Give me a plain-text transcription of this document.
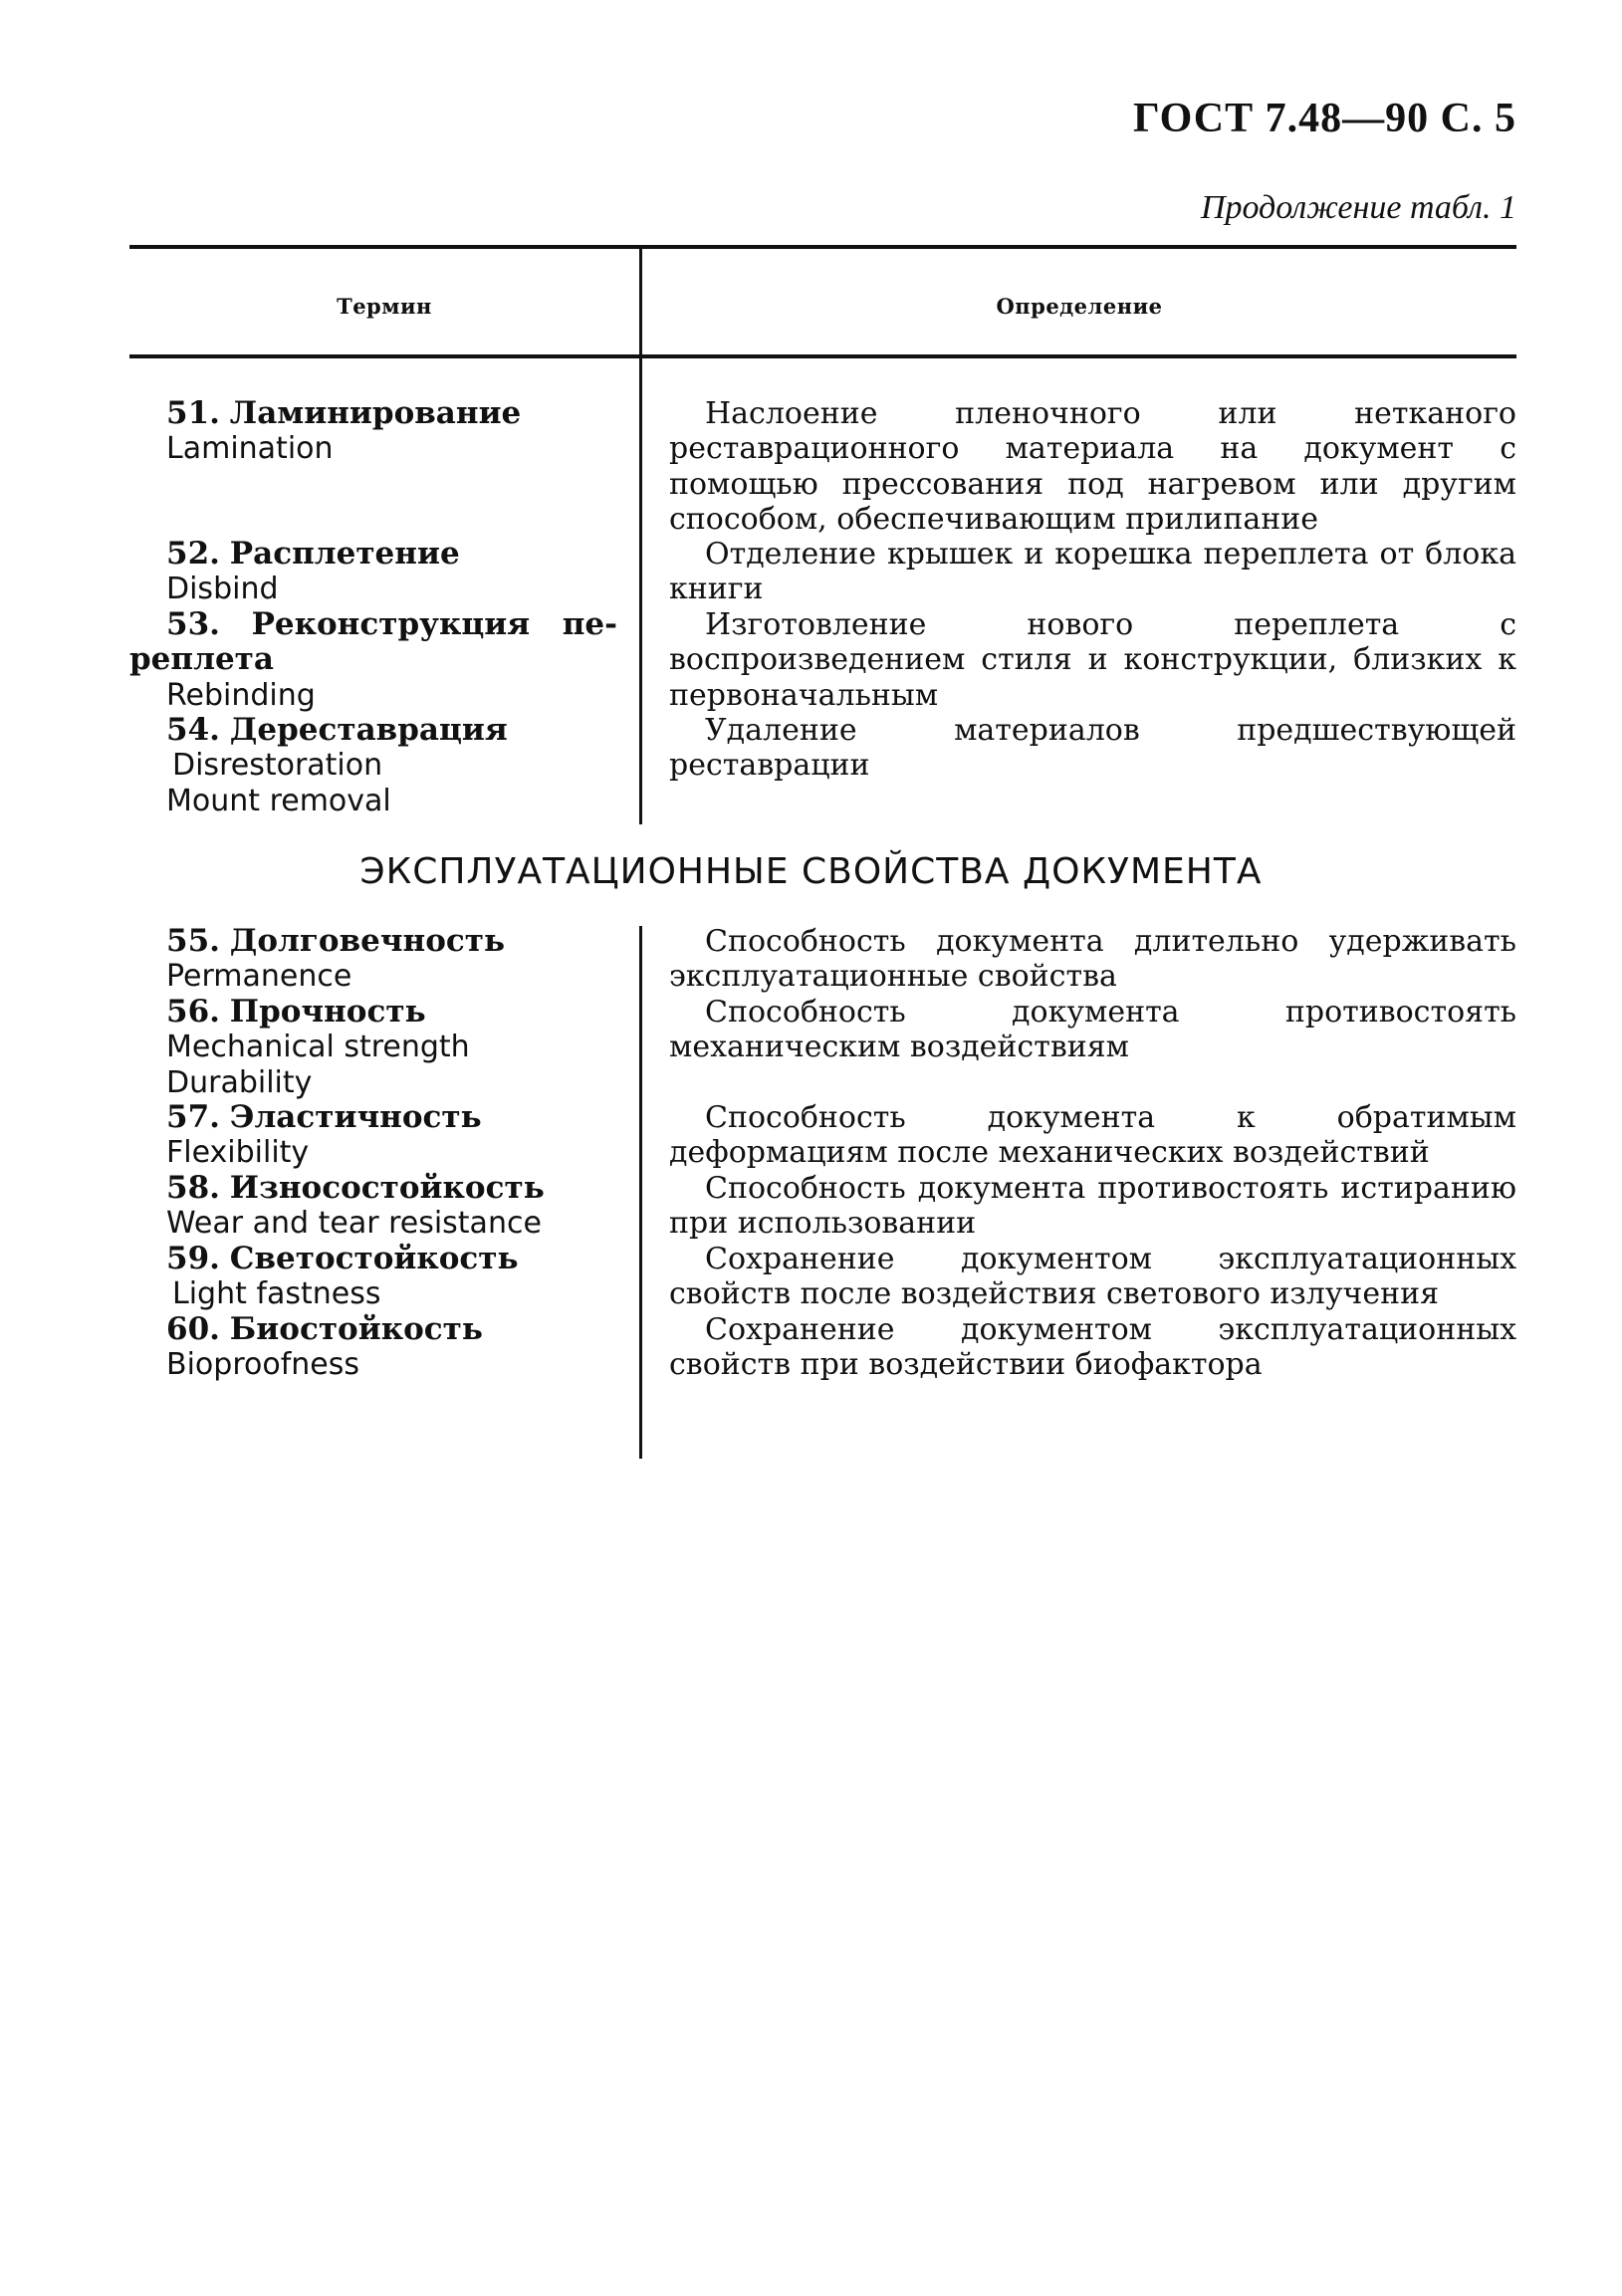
ГОСТ 7.48—90 С. 5
Продолжение табл. 1
Термин	Определение
51. Ламинирование
Lamination
Наслоение пленочного или нетканого реставрационного материала на документ с помощью прессования под нагревом или другим способом, обеспечивающим прилипание
52. Расплетение
Disbind
Отделение крышек и корешка переплета от блока книги
53. Реконструкция пе-
реплета
Rebinding
Изготовление нового переплета с воспроизведением стиля и конструкции, близких к первоначальным
54. Дереставрация
Disrestoration
Mount removal
Удаление материалов предшествующей реставрации
ЭКСПЛУАТАЦИОННЫЕ СВОЙСТВА ДОКУМЕНТА
55. Долговечность
Permanence
Способность документа длительно удерживать эксплуатационные свойства
56. Прочность
Mechanical strength
Durability
Способность документа противостоять механическим воздействиям
57. Эластичность
Flexibility
Способность документа к обратимым деформациям после механических воздействий
58. Износостойкость
Wear and tear resistance
Способность документа противостоять истиранию при использовании
59. Светостойкость
Light fastness
Сохранение документом эксплуатационных свойств после воздействия светового излучения
60. Биостойкость
Bioproofness
Сохранение документом эксплуатационных свойств при воздействии биофактора
